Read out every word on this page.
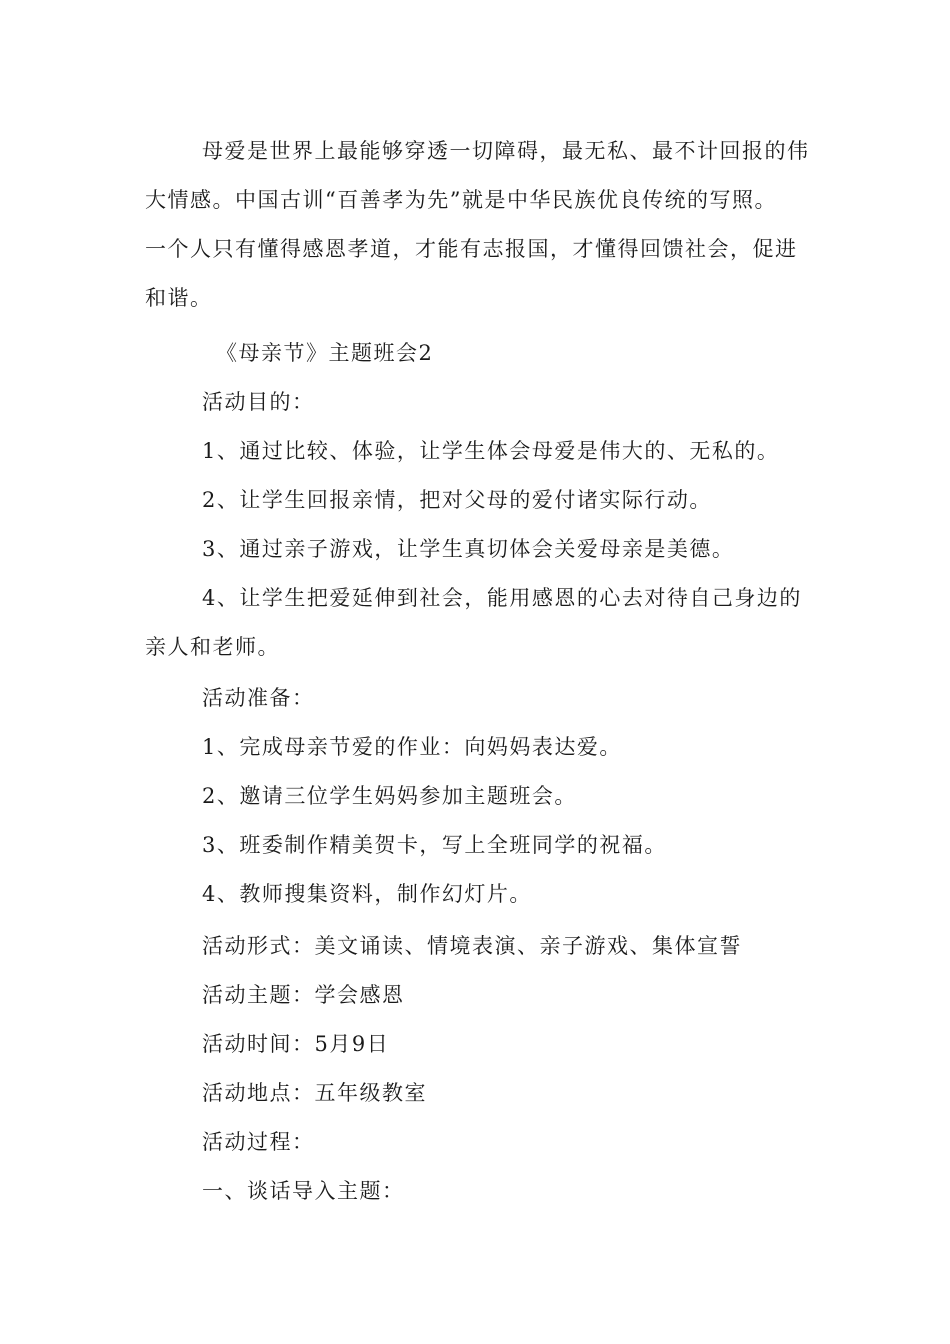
母爱是世界上最能够穿透一切障碍，最无私、最不计回报的伟
大情感。中国古训“百善孝为先”就是中华民族优良传统的写照。
一个人只有懂得感恩孝道，才能有志报国，才懂得回馈社会，促进
和谐。
《母亲节》主题班会2
活动目的：
1、通过比较、体验，让学生体会母爱是伟大的、无私的。
2、让学生回报亲情，把对父母的爱付诸实际行动。
3、通过亲子游戏，让学生真切体会关爱母亲是美德。
4、让学生把爱延伸到社会，能用感恩的心去对待自己身边的
亲人和老师。
活动准备：
1、完成母亲节爱的作业：向妈妈表达爱。
2、邀请三位学生妈妈参加主题班会。
3、班委制作精美贺卡，写上全班同学的祝福。
4、教师搜集资料，制作幻灯片。
活动形式：美文诵读、情境表演、亲子游戏、集体宣誓
活动主题：学会感恩
活动时间：5月9日
活动地点：五年级教室
活动过程：
一、谈话导入主题：
